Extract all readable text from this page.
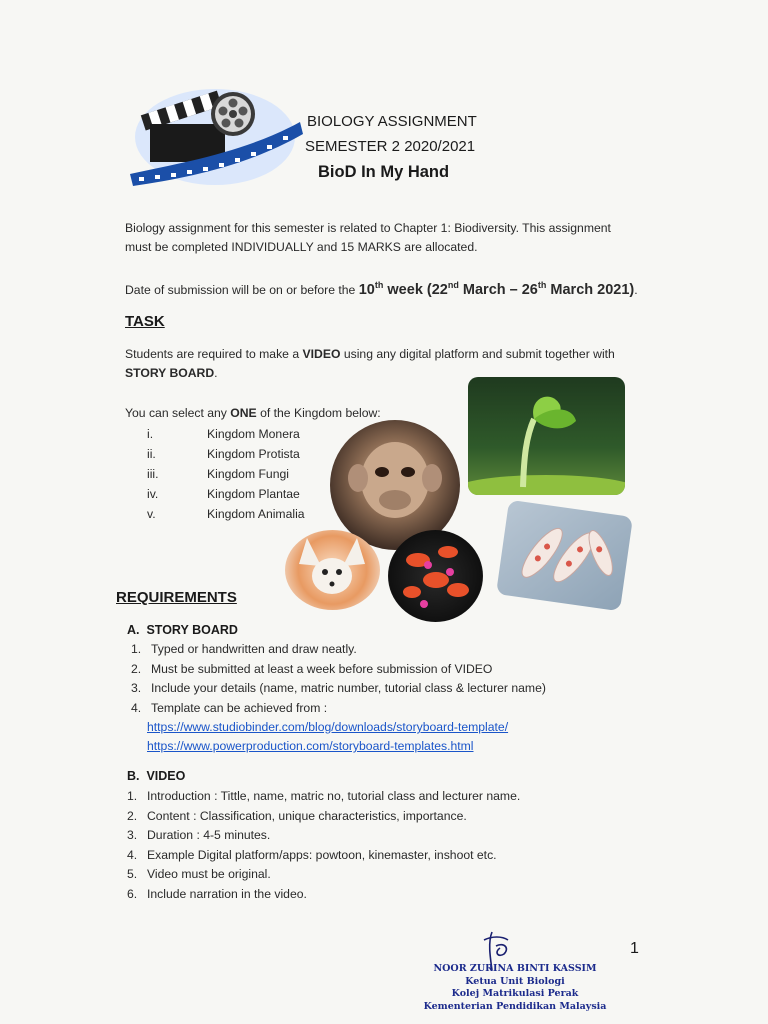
BIOLOGY ASSIGNMENT
SEMESTER 2 2020/2021
BioD In My Hand
Biology assignment for this semester is related to Chapter 1: Biodiversity. This assignment
must be completed INDIVIDUALLY and 15 MARKS are allocated.
Date of submission will be on or before the 10th week (22nd March – 26th March 2021).
TASK
Students are required to make a VIDEO using any digital platform and submit together with
STORY BOARD.
You can select any ONE of the Kingdom below:
i.	Kingdom Monera
ii.	Kingdom Protista
iii.	Kingdom Fungi
iv.	Kingdom Plantae
v.	Kingdom Animalia
REQUIREMENTS
A.  STORY BOARD
1. Typed or handwritten and draw neatly.
2. Must be submitted at least a week before submission of VIDEO
3. Include your details (name, matric number, tutorial class & lecturer name)
4. Template can be achieved from :
https://www.studiobinder.com/blog/downloads/storyboard-template/
https://www.powerproduction.com/storyboard-templates.html
B.  VIDEO
1. Introduction : Tittle, name, matric no, tutorial class and lecturer name.
2. Content : Classification, unique characteristics, importance.
3. Duration : 4-5 minutes.
4. Example Digital platform/apps: powtoon, kinemaster, inshoot etc.
5. Video must be original.
6. Include narration in the video.
1
NOOR ZURINA BINTI KASSIM
Ketua Unit Biologi
Kolej Matrikulasi Perak
Kementerian Pendidikan Malaysia
